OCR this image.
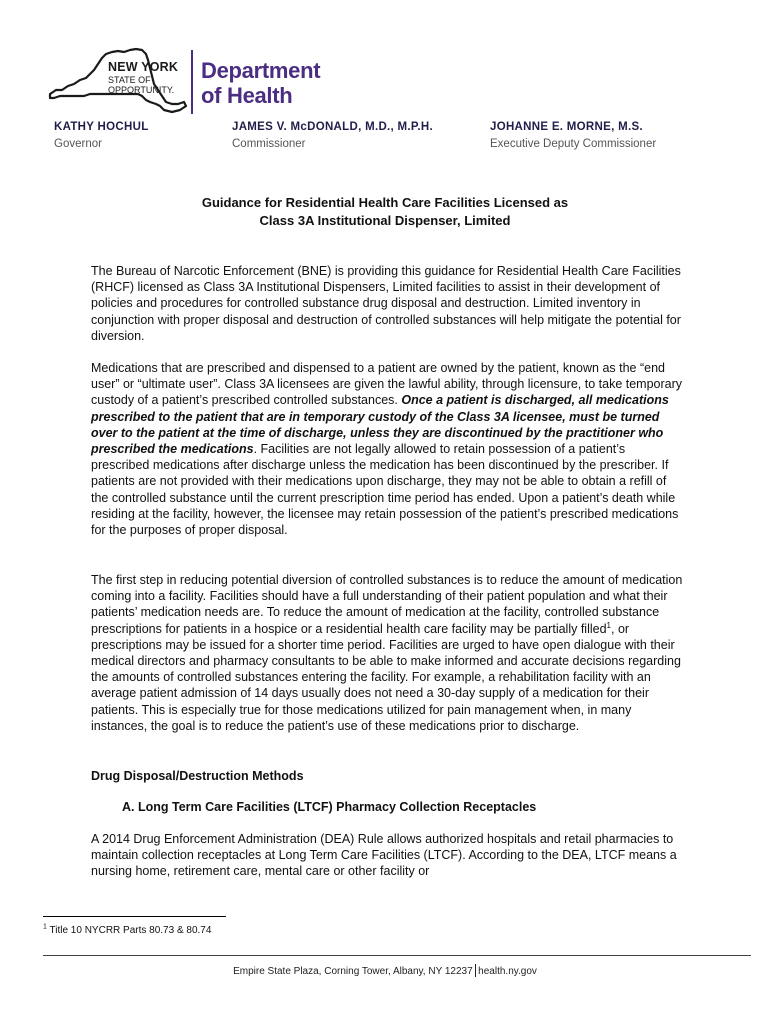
NEW YORK
STATE OF
OPPORTUNITY.
Department
of Health
KATHY HOCHUL
Governor
JAMES V. McDONALD, M.D., M.P.H.
Commissioner
JOHANNE E. MORNE, M.S.
Executive Deputy Commissioner
Guidance for Residential Health Care Facilities Licensed as
Class 3A Institutional Dispenser, Limited

The Bureau of Narcotic Enforcement (BNE) is providing this guidance for Residential Health Care Facilities (RHCF) licensed as Class 3A Institutional Dispensers, Limited facilities to assist in their development of policies and procedures for controlled substance drug disposal and destruction. Limited inventory in conjunction with proper disposal and destruction of controlled substances will help mitigate the potential for diversion.

Medications that are prescribed and dispensed to a patient are owned by the patient, known as the “end user” or “ultimate user”. Class 3A licensees are given the lawful ability, through licensure, to take temporary custody of a patient’s prescribed controlled substances. Once a patient is discharged, all medications prescribed to the patient that are in temporary custody of the Class 3A licensee, must be turned over to the patient at the time of discharge, unless they are discontinued by the practitioner who prescribed the medications. Facilities are not legally allowed to retain possession of a patient’s prescribed medications after discharge unless the medication has been discontinued by the prescriber. If patients are not provided with their medications upon discharge, they may not be able to obtain a refill of the controlled substance until the current prescription time period has ended. Upon a patient’s death while residing at the facility, however, the licensee may retain possession of the patient’s prescribed medications for the purposes of proper disposal.

The first step in reducing potential diversion of controlled substances is to reduce the amount of medication coming into a facility. Facilities should have a full understanding of their patient population and what their patients’ medication needs are. To reduce the amount of medication at the facility, controlled substance prescriptions for patients in a hospice or a residential health care facility may be partially filled$^1$, or prescriptions may be issued for a shorter time period. Facilities are urged to have open dialogue with their medical directors and pharmacy consultants to be able to make informed and accurate decisions regarding the amounts of controlled substances entering the facility. For example, a rehabilitation facility with an average patient admission of 14 days usually does not need a 30-day supply of a medication for their patients. This is especially true for those medications utilized for pain management when, in many instances, the goal is to reduce the patient’s use of these medications prior to discharge.

Drug Disposal/Destruction Methods
A. Long Term Care Facilities (LTCF) Pharmacy Collection Receptacles

A 2014 Drug Enforcement Administration (DEA) Rule allows authorized hospitals and retail pharmacies to maintain collection receptacles at Long Term Care Facilities (LTCF). According to the DEA, LTCF means a nursing home, retirement care, mental care or other facility or

$^1$ Title 10 NYCRR Parts 80.73 & 80.74
Empire State Plaza, Corning Tower, Albany, NY 12237 health.ny.gov
